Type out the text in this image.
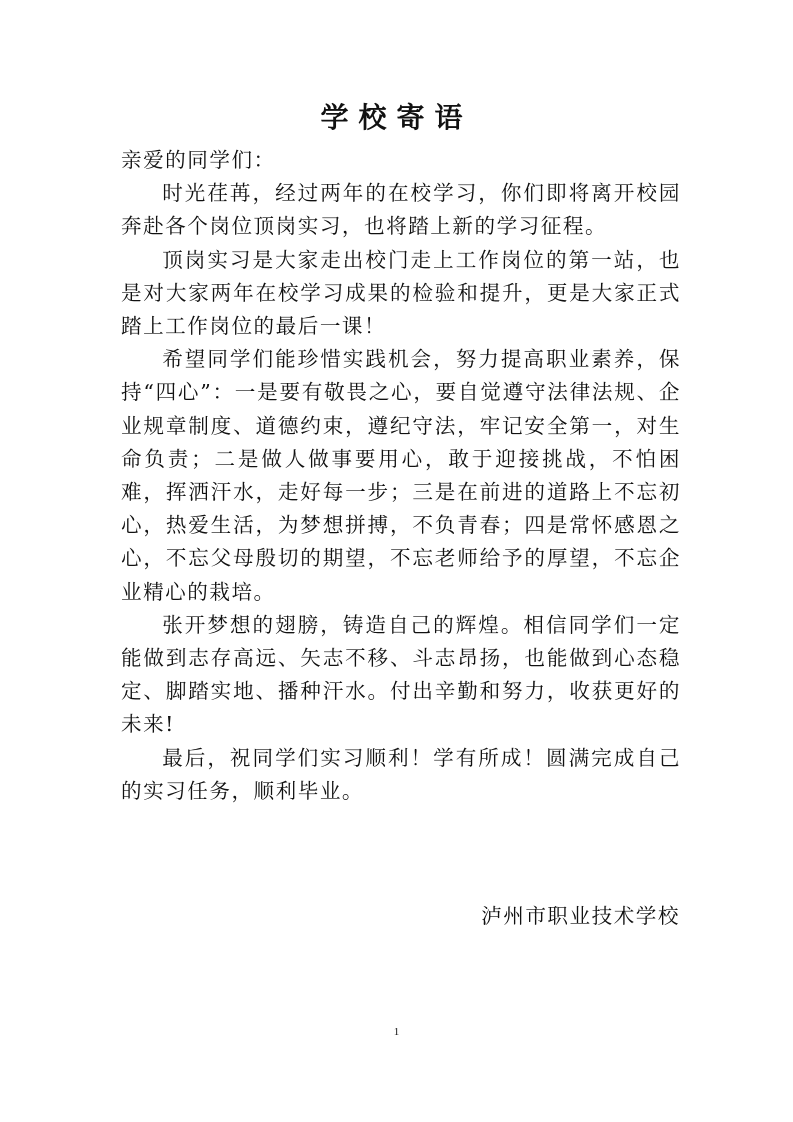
学校寄语

亲爱的同学们：

时光荏苒，经过两年的在校学习，你们即将离开校园奔赴各个岗位顶岗实习，也将踏上新的学习征程。

顶岗实习是大家走出校门走上工作岗位的第一站，也是对大家两年在校学习成果的检验和提升，更是大家正式踏上工作岗位的最后一课！

希望同学们能珍惜实践机会，努力提高职业素养，保持“四心”：一是要有敬畏之心，要自觉遵守法律法规、企业规章制度、道德约束，遵纪守法，牢记安全第一，对生命负责；二是做人做事要用心，敢于迎接挑战，不怕困难，挥洒汗水，走好每一步；三是在前进的道路上不忘初心，热爱生活，为梦想拼搏，不负青春；四是常怀感恩之心，不忘父母殷切的期望，不忘老师给予的厚望，不忘企业精心的栽培。

张开梦想的翅膀，铸造自己的辉煌。相信同学们一定能做到志存高远、矢志不移、斗志昂扬，也能做到心态稳定、脚踏实地、播种汗水。付出辛勤和努力，收获更好的未来!

最后，祝同学们实习顺利！学有所成！圆满完成自己的实习任务，顺利毕业。

泸州市职业技术学校

1
